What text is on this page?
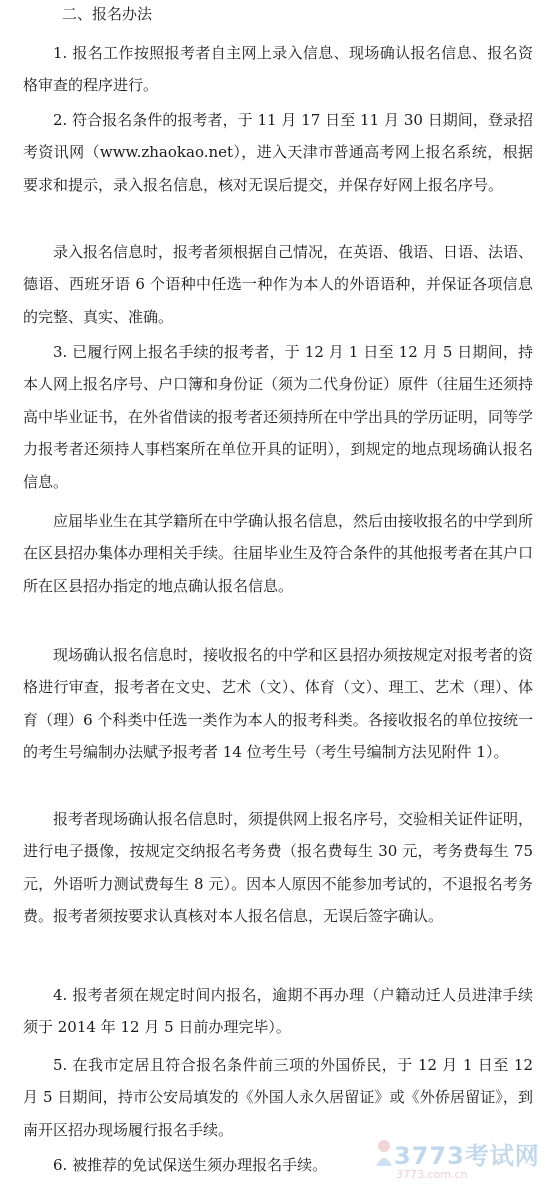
二、报名办法

1. 报名工作按照报考者自主网上录入信息、现场确认报名信息、报名资格审查的程序进行。

2. 符合报名条件的报考者，于 11 月 17 日至 11 月 30 日期间，登录招考资讯网（www.zhaokao.net），进入天津市普通高考网上报名系统，根据要求和提示，录入报名信息，核对无误后提交，并保存好网上报名序号。

录入报名信息时，报考者须根据自己情况，在英语、俄语、日语、法语、德语、西班牙语 6 个语种中任选一种作为本人的外语语种，并保证各项信息的完整、真实、准确。

3. 已履行网上报名手续的报考者，于 12 月 1 日至 12 月 5 日期间，持本人网上报名序号、户口簿和身份证（须为二代身份证）原件（往届生还须持高中毕业证书，在外省借读的报考者还须持所在中学出具的学历证明，同等学力报考者还须持人事档案所在单位开具的证明），到规定的地点现场确认报名信息。

应届毕业生在其学籍所在中学确认报名信息，然后由接收报名的中学到所在区县招办集体办理相关手续。往届毕业生及符合条件的其他报考者在其户口所在区县招办指定的地点确认报名信息。

现场确认报名信息时，接收报名的中学和区县招办须按规定对报考者的资格进行审查，报考者在文史、艺术（文）、体育（文）、理工、艺术（理）、体育（理）6 个科类中任选一类作为本人的报考科类。各接收报名的单位按统一的考生号编制办法赋予报考者 14 位考生号（考生号编制方法见附件 1）。

报考者现场确认报名信息时，须提供网上报名序号，交验相关证件证明，进行电子摄像，按规定交纳报名考务费（报名费每生 30 元，考务费每生 75 元，外语听力测试费每生 8 元）。因本人原因不能参加考试的，不退报名考务费。报考者须按要求认真核对本人报名信息，无误后签字确认。

4. 报考者须在规定时间内报名，逾期不再办理（户籍动迁人员进津手续须于 2014 年 12 月 5 日前办理完毕）。

5. 在我市定居且符合报名条件前三项的外国侨民，于 12 月 1 日至 12 月 5 日期间，持市公安局填发的《外国人永久居留证》或《外侨居留证》，到南开区招办现场履行报名手续。

6. 被推荐的免试保送生须办理报名手续。	3773考试网
3773.com.cn
